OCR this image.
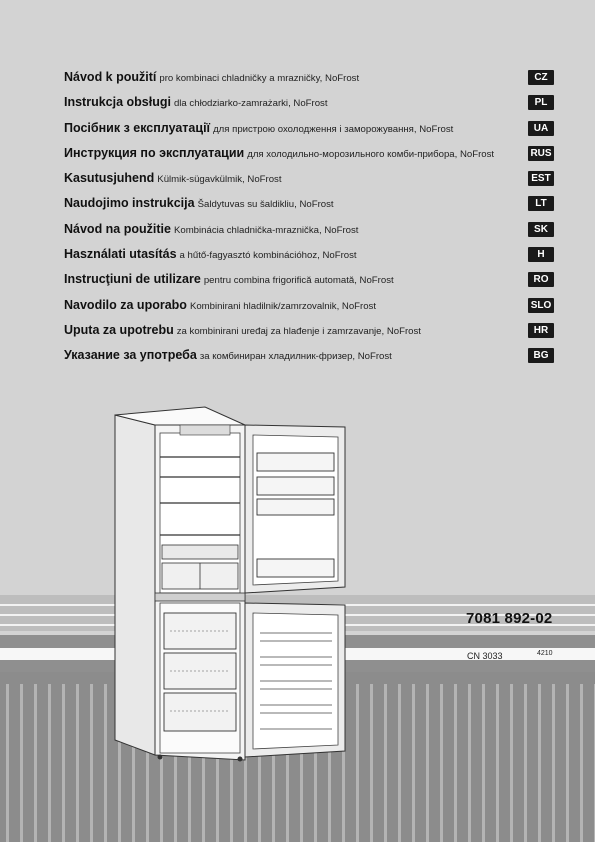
Návod k použití pro kombinaci chladničky a mrazničky, NoFrost	CZ
Instrukcja obsługi dla chłodziarko-zamrażarki, NoFrost	PL
Посібник з експлуатації для пристрою охолодження і заморожування, NoFrost	UA
Инструкция по эксплуатации для холодильно-морозильного комби-прибора, NoFrost	RUS
Kasutusjuhend Külmik-sügavkülmik, NoFrost	EST
Naudojimo instrukcija Šaldytuvas su šaldikliu, NoFrost	LT
Návod na použitie Kombinácia chladnička-mraznička, NoFrost	SK
Használati utasítás a hűtő-fagyasztó kombinációhoz, NoFrost	H
Instrucţiuni de utilizare pentru combina frigorifică automată, NoFrost	RO
Navodilo za uporabo Kombinirani hladilnik/zamrzovalnik, NoFrost	SLO
Uputa za upotrebu za kombinirani uređaj za hlađenje i zamrzavanje, NoFrost	HR
Указание за употреба за комбиниран хладилник-фризер, NoFrost	BG
7081 892-02
CN 3033	4210
